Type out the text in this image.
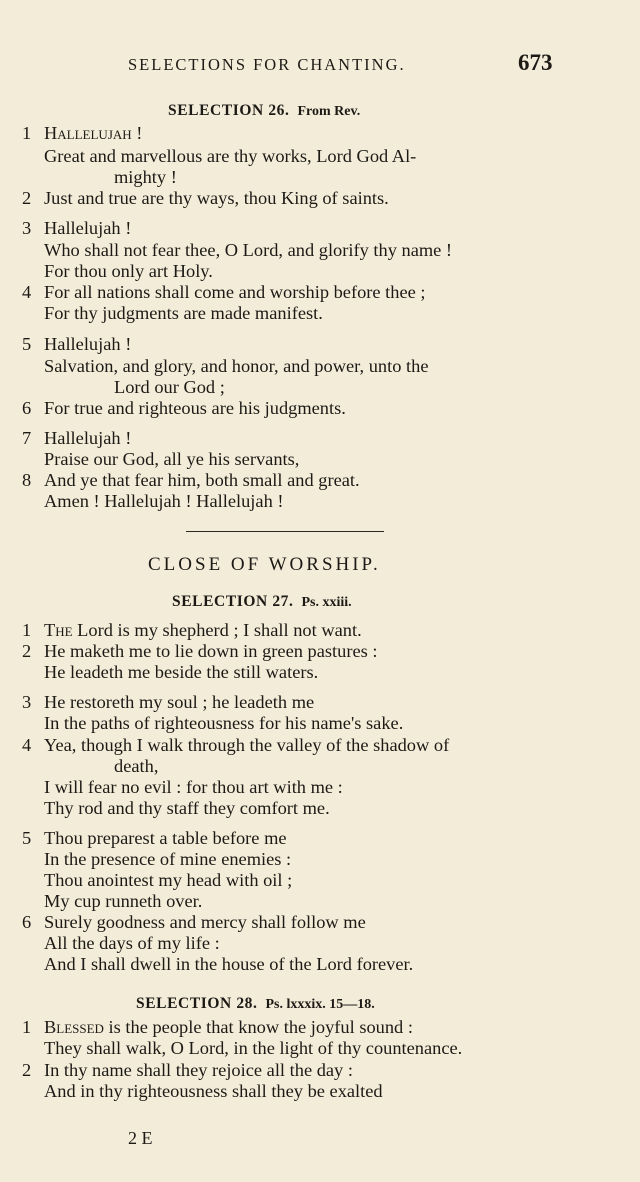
SELECTIONS FOR CHANTING.	673
SELECTION 26. From Rev.
1 Hallelujah !
Great and marvellous are thy works, Lord God Al-
mighty !
2 Just and true are thy ways, thou King of saints.
3 Hallelujah !
Who shall not fear thee, O Lord, and glorify thy name !
For thou only art Holy.
4 For all nations shall come and worship before thee ;
For thy judgments are made manifest.
5 Hallelujah !
Salvation, and glory, and honor, and power, unto the
Lord our God ;
6 For true and righteous are his judgments.
7 Hallelujah !
Praise our God, all ye his servants,
8 And ye that fear him, both small and great.
Amen ! Hallelujah ! Hallelujah !
CLOSE OF WORSHIP.
SELECTION 27. Ps. xxiii.
1 The Lord is my shepherd ; I shall not want.
2 He maketh me to lie down in green pastures :
He leadeth me beside the still waters.
3 He restoreth my soul ; he leadeth me
In the paths of righteousness for his name's sake.
4 Yea, though I walk through the valley of the shadow of
death,
I will fear no evil : for thou art with me :
Thy rod and thy staff they comfort me.
5 Thou preparest a table before me
In the presence of mine enemies :
Thou anointest my head with oil ;
My cup runneth over.
6 Surely goodness and mercy shall follow me
All the days of my life :
And I shall dwell in the house of the Lord forever.
SELECTION 28. Ps. lxxxix. 15—18.
1 Blessed is the people that know the joyful sound :
They shall walk, O Lord, in the light of thy countenance.
2 In thy name shall they rejoice all the day :
And in thy righteousness shall they be exalted
2 E
